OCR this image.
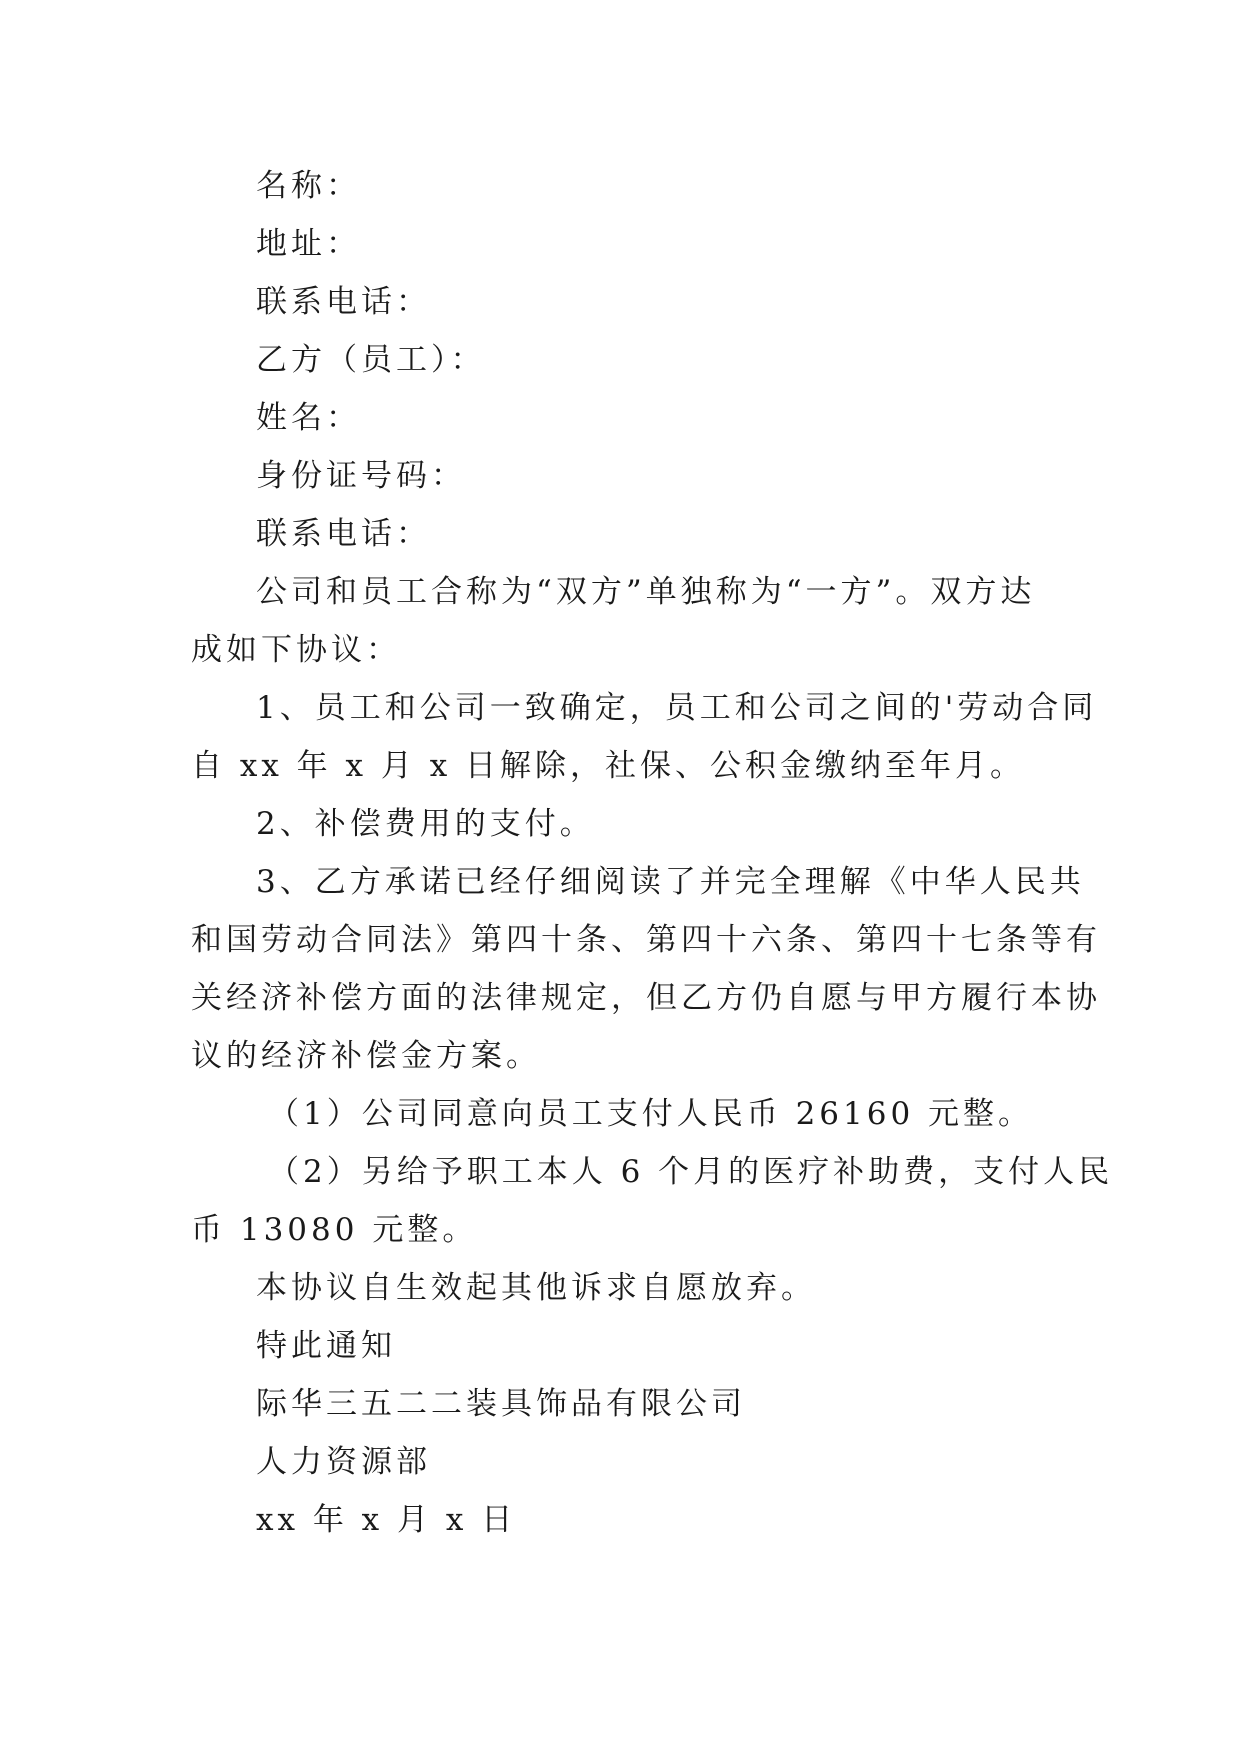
名称：
地址：
联系电话：
乙方（员工）：
姓名：
身份证号码：
联系电话：
公司和员工合称为“双方”单独称为“一方”。双方达
成如下协议：
1、员工和公司一致确定，员工和公司之间的'劳动合同
自 xx 年 x 月 x 日解除，社保、公积金缴纳至年月。
2、补偿费用的支付。
3、乙方承诺已经仔细阅读了并完全理解《中华人民共
和国劳动合同法》第四十条、第四十六条、第四十七条等有
关经济补偿方面的法律规定，但乙方仍自愿与甲方履行本协
议的经济补偿金方案。
（1）公司同意向员工支付人民币 26160 元整。
（2）另给予职工本人 6 个月的医疗补助费，支付人民
币 13080 元整。
本协议自生效起其他诉求自愿放弃。
特此通知
际华三五二二装具饰品有限公司
人力资源部
xx 年 x 月 x 日
